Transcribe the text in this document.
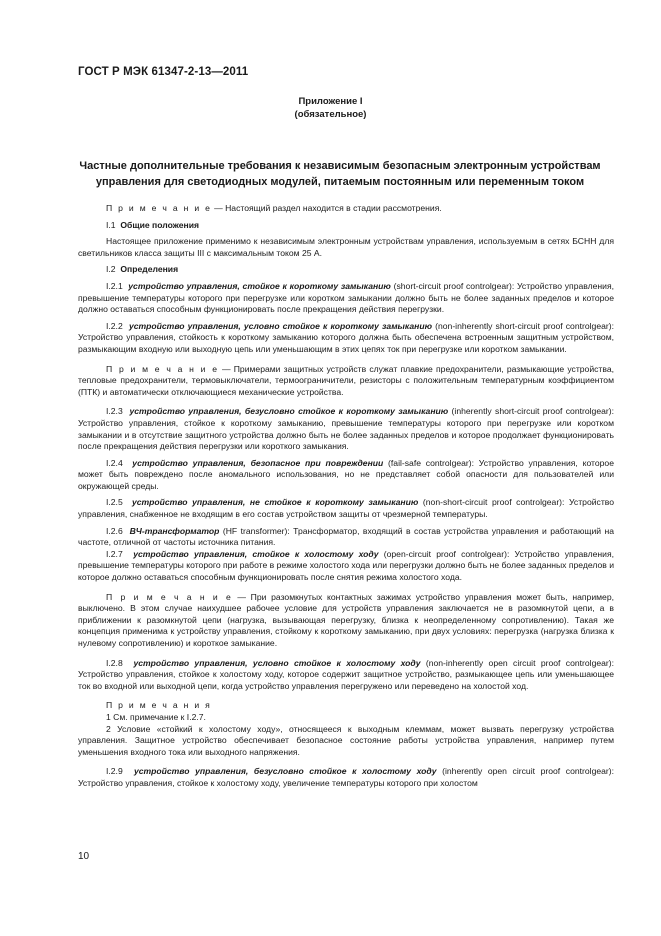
ГОСТ Р МЭК 61347-2-13—2011
Приложение I
(обязательное)
Частные дополнительные требования к независимым безопасным электронным устройствам
управления для светодиодных модулей, питаемым постоянным или переменным током

П р и м е ч а н и е — Настоящий раздел находится в стадии рассмотрения.

I.1 Общие положения

Настоящее приложение применимо к независимым электронным устройствам управления, используемым в сетях БСНН для светильников класса защиты III с максимальным током 25 А.

I.2 Определения

I.2.1 устройство управления, стойкое к короткому замыканию (short-circuit proof controlgear): Устройство управления, превышение температуры которого при перегрузке или коротком замыкании должно быть не более заданных пределов и которое должно оставаться способным функционировать после прекращения действия перегрузки.

I.2.2 устройство управления, условно стойкое к короткому замыканию (non-inherently short-circuit proof controlgear): Устройство управления, стойкость к короткому замыканию которого должна быть обеспечена встроенным защитным устройством, размыкающим входную или выходную цепь или уменьшающим в этих цепях ток при перегрузке или коротком замыкании.

П р и м е ч а н и е — Примерами защитных устройств служат плавкие предохранители, размыкающие устройства, тепловые предохранители, термовыключатели, термоограничители, резисторы с положительным температурным коэффициентом (ПТК) и автоматически отключающиеся механические устройства.

I.2.3 устройство управления, безусловно стойкое к короткому замыканию (inherently short-circuit proof controlgear): Устройство управления, стойкое к короткому замыканию, превышение температуры которого при перегрузке или коротком замыкании и в отсутствие защитного устройства должно быть не более заданных пределов и которое продолжает функционировать после прекращения действия перегрузки или короткого замыкания.

I.2.4 устройство управления, безопасное при повреждении (fail-safe controlgear): Устройство управления, которое может быть повреждено после аномального использования, но не представляет собой опасности для пользователей или окружающей среды.

I.2.5 устройство управления, не стойкое к короткому замыканию (non-short-circuit proof controlgear): Устройство управления, снабженное не входящим в его состав устройством защиты от чрезмерной температуры.

I.2.6 ВЧ-трансформатор (HF transformer): Трансформатор, входящий в состав устройства управления и работающий на частоте, отличной от частоты источника питания.

I.2.7 устройство управления, стойкое к холостому ходу (open-circuit proof controlgear): Устройство управления, превышение температуры которого при работе в режиме холостого хода или перегрузки должно быть не более заданных пределов и которое должно оставаться способным функционировать после снятия режима холостого хода.

П р и м е ч а н и е — При разомкнутых контактных зажимах устройство управления может быть, например, выключено. В этом случае наихудшее рабочее условие для устройств управления заключается не в разомкнутой цепи, а в приближении к разомкнутой цепи (нагрузка, вызывающая перегрузку, близка к неопределенному сопротивлению). Такая же концепция применима к устройству управления, стойкому к короткому замыканию, при двух условиях: перегрузка (нагрузка близка к нулевому сопротивлению) и короткое замыкание.

I.2.8 устройство управления, условно стойкое к холостому ходу (non-inherently open circuit proof controlgear): Устройство управления, стойкое к холостому ходу, которое содержит защитное устройство, размыкающее цепь или уменьшающее ток во входной или выходной цепи, когда устройство управления перегружено или переведено на холостой ход.

П р и м е ч а н и я

1 См. примечание к I.2.7.

2 Условие «стойкий к холостому ходу», относящееся к выходным клеммам, может вызвать перегрузку устройства управления. Защитное устройство обеспечивает безопасное состояние работы устройства управления, например путем уменьшения входного тока или выходного напряжения.

I.2.9 устройство управления, безусловно стойкое к холостому ходу (inherently open circuit proof controlgear): Устройство управления, стойкое к холостому ходу, увеличение температуры которого при холостом

10
